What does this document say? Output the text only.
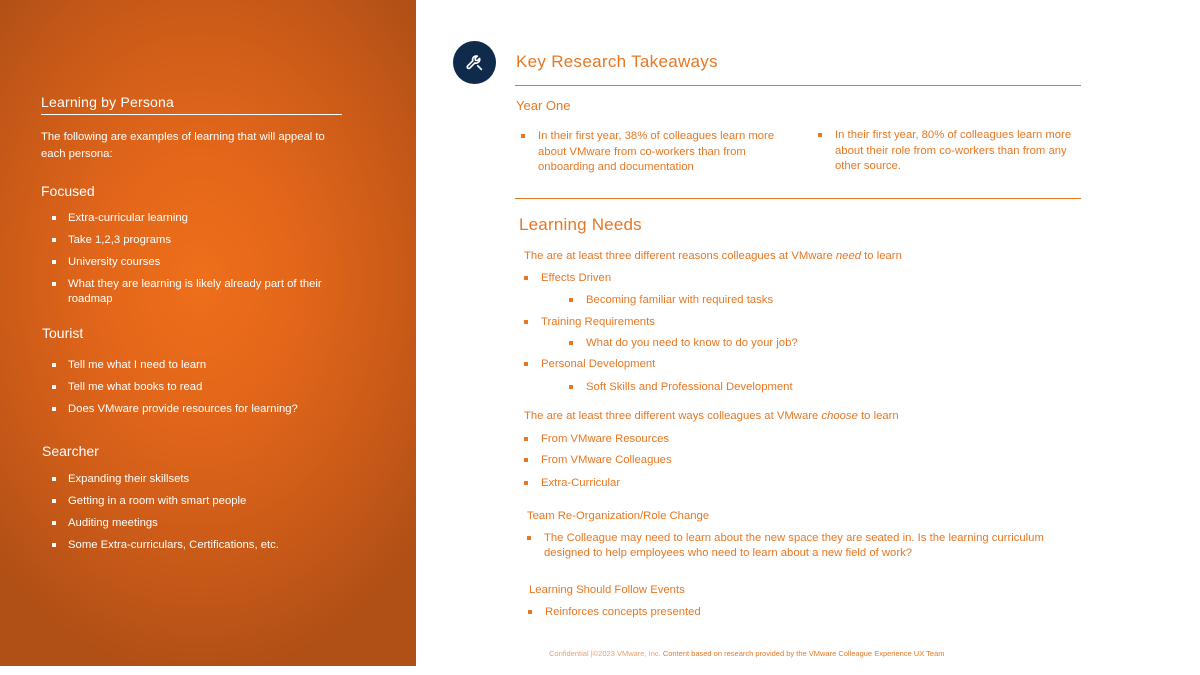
Learning by Persona
The following are examples of learning that will appeal to each persona:
Focused
Extra-curricular learning
Take 1,2,3 programs
University courses
What they are learning is likely already part of their roadmap
Tourist
Tell me what I need to learn
Tell me what books to read
Does VMware provide resources for learning?
Searcher
Expanding their skillsets
Getting in a room with smart people
Auditing meetings
Some Extra-curriculars, Certifications, etc.
Key Research Takeaways
Year One
In their first year, 38% of colleagues learn more about VMware from co-workers than from onboarding and documentation
In their first year, 80% of colleagues learn more about their role from co-workers than from any other source.
Learning Needs
The are at least three different reasons colleagues at VMware need to learn
Effects Driven
Becoming familiar with required tasks
Training Requirements
What do you need to know to do your job?
Personal Development
Soft Skills and Professional Development
The are at least three different ways colleagues at VMware choose to learn
From VMware Resources
From VMware Colleagues
Extra-Curricular
Team Re-Organization/Role Change
The Colleague may need to learn about the new space they are seated in. Is the learning curriculum designed to help employees who need to learn about a new field of work?
Learning Should Follow Events
Reinforces concepts presented
Confidential |©2023 VMware, Inc. Content based on research provided by the VMware Colleague Experience UX Team
